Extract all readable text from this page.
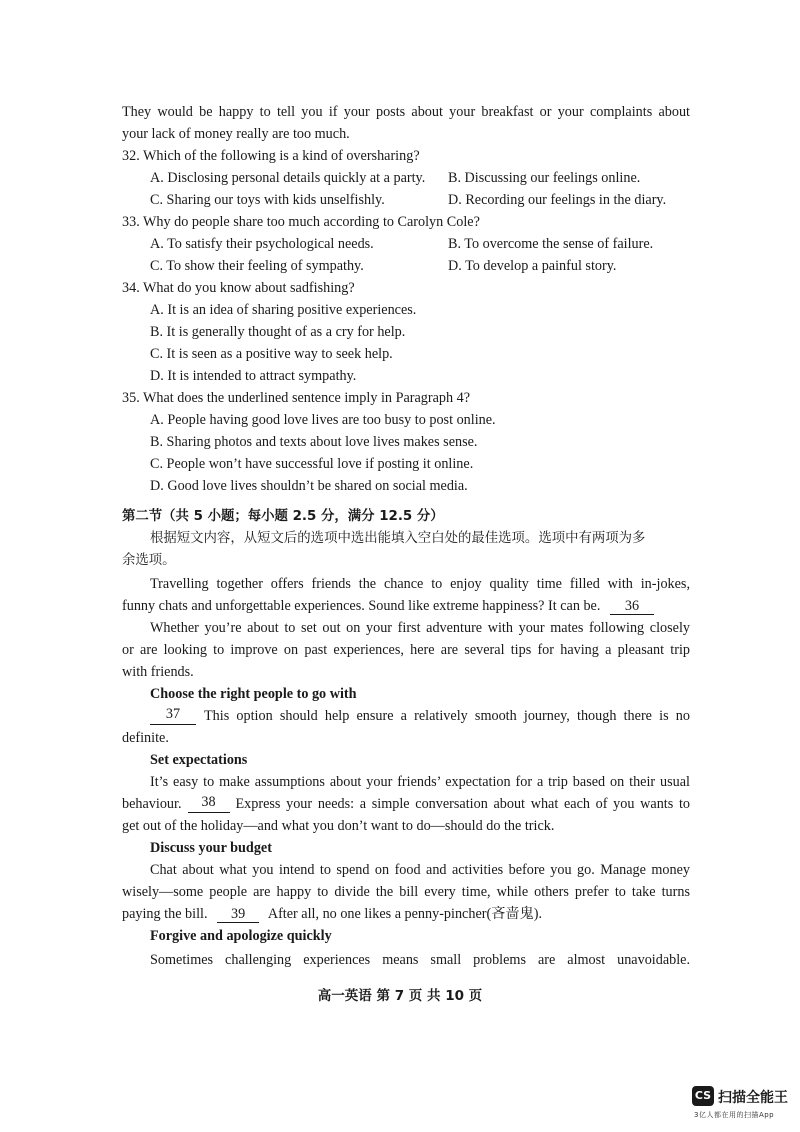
They would be happy to tell you if your posts about your breakfast or your complaints about
your lack of money really are too much.
32. Which of the following is a kind of oversharing?
A. Disclosing personal details quickly at a party. B. Discussing our feelings online.
C. Sharing our toys with kids unselfishly.	D. Recording our feelings in the diary.
33. Why do people share too much according to Carolyn Cole?
A. To satisfy their psychological needs.	B. To overcome the sense of failure.
C. To show their feeling of sympathy.	D. To develop a painful story.
34. What do you know about sadfishing?
A. It is an idea of sharing positive experiences.
B. It is generally thought of as a cry for help.
C. It is seen as a positive way to seek help.
D. It is intended to attract sympathy.
35. What does the underlined sentence imply in Paragraph 4?
A. People having good love lives are too busy to post online.
B. Sharing photos and texts about love lives makes sense.
C. People won’t have successful love if posting it online.
D. Good love lives shouldn’t be shared on social media.
第二节（共 5 小题；每小题 2.5 分，满分 12.5 分）
根据短文内容，从短文后的选项中选出能填入空白处的最佳选项。选项中有两项为多
余选项。
Travelling together offers friends the chance to enjoy quality time filled with in-jokes,
funny chats and unforgettable experiences. Sound like extreme happiness? It can be. 36
Whether you’re about to set out on your first adventure with your mates following closely
or are looking to improve on past experiences, here are several tips for having a pleasant trip
with friends.
Choose the right people to go with
37	This option should help ensure a relatively smooth journey, though there is no
definite.
Set expectations
It’s easy to make assumptions about your friends’ expectation for a trip based on their usual
behaviour.	38	Express your needs: a simple conversation about what each of you wants to
get out of the holiday—and what you don’t want to do—should do the trick.
Discuss your budget
Chat about what you intend to spend on food and activities before you go. Manage money
wisely—some people are happy to divide the bill every time, while others prefer to take turns
paying the bill. 39 After all, no one likes a penny-pincher(吝啬鬼).
Forgive and apologize quickly
Sometimes challenging experiences means small problems are almost unavoidable.
高一英语 第 7 页 共 10 页
CS 扫描全能王
3亿人都在用的扫描App
